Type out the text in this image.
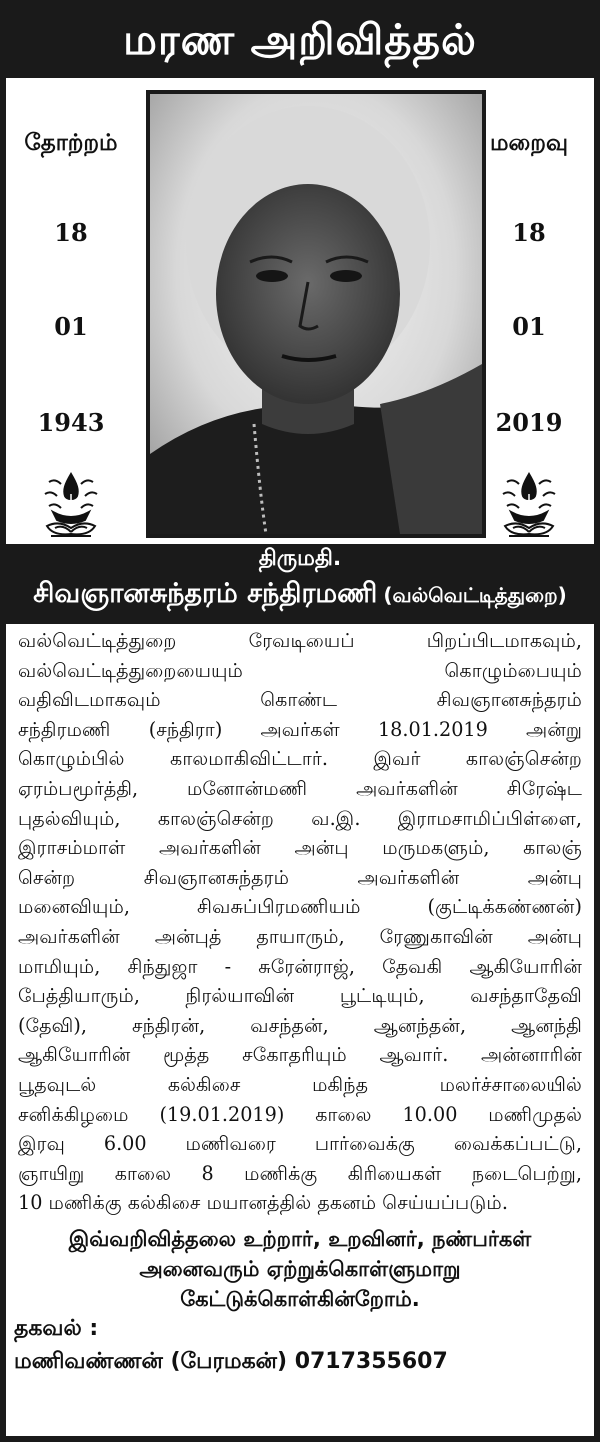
மரண அறிவித்தல்
தோற்றம்
18
01
1943
மறைவு
18
01
2019
திருமதி.
சிவஞானசுந்தரம் சந்திரமணி (வல்வெட்டித்துறை)
வல்வெட்டித்துறை ரேவடியைப் பிறப்பிடமாகவும்,
வல்வெட்டித்துறையையும் கொழும்பையும்
வதிவிடமாகவும் கொண்ட சிவஞானசுந்தரம்
சந்திரமணி (சந்திரா) அவர்கள் 18.01.2019 அன்று
கொழும்பில் காலமாகிவிட்டார். இவர் காலஞ்சென்ற
ஏரம்பமூர்த்தி, மனோன்மணி அவர்களின் சிரேஷ்ட
புதல்வியும், காலஞ்சென்ற வ.இ. இராமசாமிப்பிள்ளை,
இராசம்மாள் அவர்களின் அன்பு மருமகளும், காலஞ்
சென்ற சிவஞானசுந்தரம் அவர்களின் அன்பு
மனைவியும், சிவசுப்பிரமணியம் (குட்டிக்கண்ணன்)
அவர்களின் அன்புத் தாயாரும், ரேணுகாவின் அன்பு
மாமியும், சிந்துஜா - சுரேன்ராஜ், தேவகி ஆகியோரின்
பேத்தியாரும், நிரல்யாவின் பூட்டியும், வசந்தாதேவி
(தேவி), சந்திரன், வசந்தன், ஆனந்தன், ஆனந்தி
ஆகியோரின் மூத்த சகோதரியும் ஆவார். அன்னாரின்
பூதவுடல் கல்கிசை மகிந்த மலர்ச்சாலையில்
சனிக்கிழமை (19.01.2019) காலை 10.00 மணிமுதல்
இரவு 6.00 மணிவரை பார்வைக்கு வைக்கப்பட்டு,
ஞாயிறு காலை 8 மணிக்கு கிரியைகள் நடைபெற்று,
10 மணிக்கு கல்கிசை மயானத்தில் தகனம் செய்யப்படும்.
இவ்வறிவித்தலை உற்றார், உறவினர், நண்பர்கள்
அனைவரும் ஏற்றுக்கொள்ளுமாறு
கேட்டுக்கொள்கின்றோம்.
தகவல் :
மணிவண்ணன் (பேரமகன்) 0717355607
